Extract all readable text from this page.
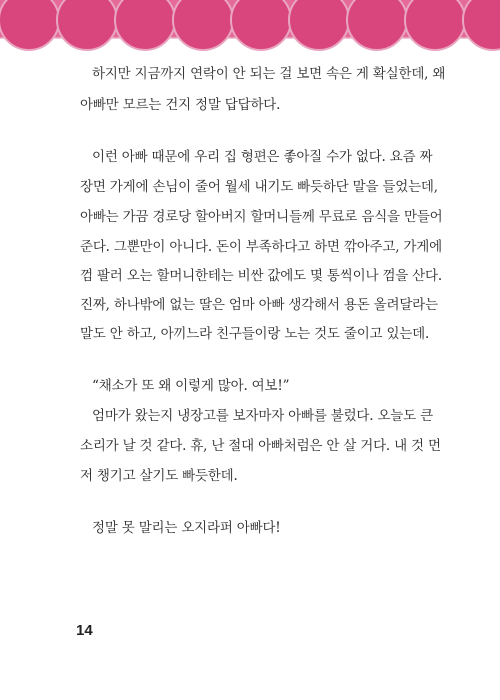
하지만 지금까지 연락이 안 되는 걸 보면 속은 게 확실한데, 왜
아빠만 모르는 건지 정말 답답하다.
이런 아빠 때문에 우리 집 형편은 좋아질 수가 없다. 요즘 짜
장면 가게에 손님이 줄어 월세 내기도 빠듯하단 말을 들었는데,
아빠는 가끔 경로당 할아버지 할머니들께 무료로 음식을 만들어
준다. 그뿐만이 아니다. 돈이 부족하다고 하면 깎아주고, 가게에
껌 팔러 오는 할머니한테는 비싼 값에도 몇 통씩이나 껌을 산다.
진짜, 하나밖에 없는 딸은 엄마 아빠 생각해서 용돈 올려달라는
말도 안 하고, 아끼느라 친구들이랑 노는 것도 줄이고 있는데.
“채소가 또 왜 이렇게 많아. 여보!”
엄마가 왔는지 냉장고를 보자마자 아빠를 불렀다. 오늘도 큰
소리가 날 것 같다. 휴, 난 절대 아빠처럼은 안 살 거다. 내 것 먼
저 챙기고 살기도 빠듯한데.
정말 못 말리는 오지라퍼 아빠다!
14
